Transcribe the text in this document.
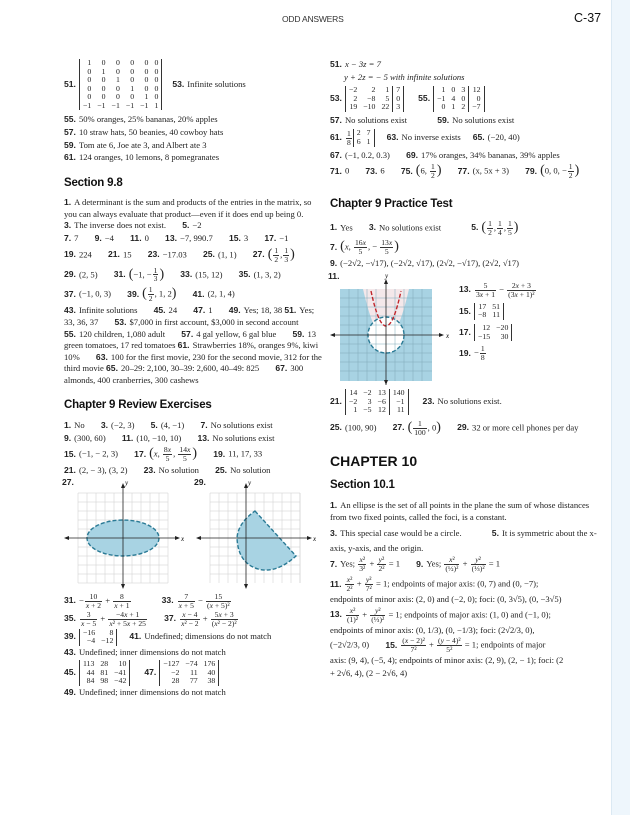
ODD ANSWERS	C-37
51.
1	0	0	0	0	0
0	1	0	0	0	0
0	0	1	0	0	0
0	0	0	1	0	0
0	0	0	0	1	0
−1	−1	−1	−1	−1	1
53. Infinite solutions
55. 50% oranges, 25% bananas, 20% apples
57. 10 straw hats, 50 beanies, 40 cowboy hats
59. Tom ate 6, Joe ate 3, and Albert ate 3
61. 124 oranges, 10 lemons, 8 pomegranates
Section 9.8
1. A determinant is the sum and products of the entries in the matrix, so you can always evaluate that product—even if it does end up being 0. 3. The inverse does not exist. 5. −2
7. 7 9. −4 11. 0 13. −7, 990.7 15. 3 17. −1
19. 224 21. 15 23. −17.03 25. (1, 1) 27. ( $\frac{1}{2}$ , $\frac{1}{3}$ )
29. (2, 5) 31. (−1, − $\frac{1}{3}$ ) 33. (15, 12) 35. (1, 3, 2)
37. (−1, 0, 3) 39. ( $\frac{1}{2}$ , 1, 2) 41. (2, 1, 4)
43. Infinite solutions 45. 24 47. 1 49. Yes; 18, 38 51. Yes; 33, 36, 37 53. $7,000 in first account, $3,000 in second account 55. 120 children, 1,080 adult 57. 4 gal yellow, 6 gal blue 59. 13 green tomatoes, 17 red tomatoes 61. Strawberries 18%, oranges 9%, kiwi 10% 63. 100 for the first movie, 230 for the second movie, 312 for the third movie 65. 20–29: 2,100, 30–39: 2,600, 40–49: 825 67. 300 almonds, 400 cranberries, 300 cashews
Chapter 9 Review Exercises
1. No 3. (−2, 3) 5. (4, −1) 7. No solutions exist
9. (300, 60) 11. (10, −10, 10) 13. No solutions exist
15. (−1, − 2, 3) 17. (x, $\frac{8x}{5}$ , $\frac{14x}{5}$ ) 19. 11, 17, 33
21. (2, − 3), (3, 2) 23. No solution 25. No solution
27.
x
y	29.
x
y
31. − $\frac{10}{x + 2} + \frac{8}{x + 1}$	33. $\frac{7}{x + 5} - \frac{15}{\text{(x + 5)²}}$
35. $\frac{3}{x - 5} + \frac{-4x + 1}{\text{x² + 5x + 25}} 37$. $\frac{x - 4}{\text{x² − 2}} + \frac{5x + 3}{\text{(x² − 2)²}}$
39. −16	8
−4	−12 41. Undefined; dimensions do not match
43. Undefined; inner dimensions do not match
45.
113	28	10
44	81	−41
84	98	−42
47.
−127	−74	176
−2	11	40
28	77	38
49. Undefined; inner dimensions do not match
51. x − 3z = 7
y + 2z = − 5 with infinite solutions
53.
−2	2	1	7
2	−8	5	0
19	−10	22	3
55.
1	0	3	12
−1	4	0	0
0	1	2	−7
57. No solutions exist	59. No solutions exist
61. $\frac{1}{8} 2$	7
6	1 63. No inverse exists 65. (−20, 40)
67. (−1, 0.2, 0.3) 69. 17% oranges, 34% bananas, 39% apples
71. 0 73. 6 75. (6, $\frac{1}{2}$ ) 77. (x, 5x + 3) 79. (0, 0, − $\frac{1}{2}$ )
Chapter 9 Practice Test
1. Yes 3. No solutions exist	5. ( $\frac{1}{2}$ , $\frac{1}{4}$ , $\frac{1}{5}$ )
7. (x, $\frac{16x}{5}$ , − $\frac{13x}{5}$ )
9. (−2√2, −√17), (−2√2, √17), (2√2, −√17), (2√2, √17)
11.
x
y
13. $\frac{5}{3x + 1} - \frac{2x + 3}{\text{(3x + 1)²}}$
15. 17	51
−8	11
17. 12	−20
−15	30
19. − $\frac{1}{8}$
21.
14	−2	13	140
−2	3	−6	−1
1	−5	12	11
23. No solutions exist.
25. (100, 90) 27. ( $\frac{1}{100}$ , 0) 29. 32 or more cell phones per day
CHAPTER 10
Section 10.1
1. An ellipse is the set of all points in the plane the sum of whose distances from two fixed points, called the foci, is a constant.
3. This special case would be a circle.	5. It is symmetric about the x-axis, y-axis, and the origin.
7. Yes; $\frac{\text{x²}}{\text{3²}} + \frac{\text{y²}}{\text{2²}} = 1$ 9. Yes; $\frac{\text{x²}}{\text{(½)²}} + \frac{\text{y²}}{\text{(⅓)²}} = 1$
11. $\frac{\text{x²}}{\text{2²}} + \frac{\text{y²}}{\text{7²}} = 1$; endpoints of major axis: (0, 7) and (0, −7);
endpoints of minor axis: (2, 0) and (−2, 0); foci: (0, 3√5), (0, −3√5)
13. $\frac{\text{x²}}{\text{(1)²}} + \frac{\text{y²}}{\text{(⅓)²}} = 1$; endpoints of major axis: (1, 0) and (−1, 0);
endpoints of minor axis: (0, 1/3), (0, −1/3); foci: (2√2/3, 0),
(−2√2/3, 0) 15. $\frac{\text{(x − 2)²}}{\text{7²}} + \frac{\text{(y − 4)²}}{\text{5²}} = 1$; endpoints of major
axis: (9, 4), (−5, 4); endpoints of minor axis: (2, 9), (2, − 1); foci: (2
+ 2√6, 4), (2 − 2√6, 4)
